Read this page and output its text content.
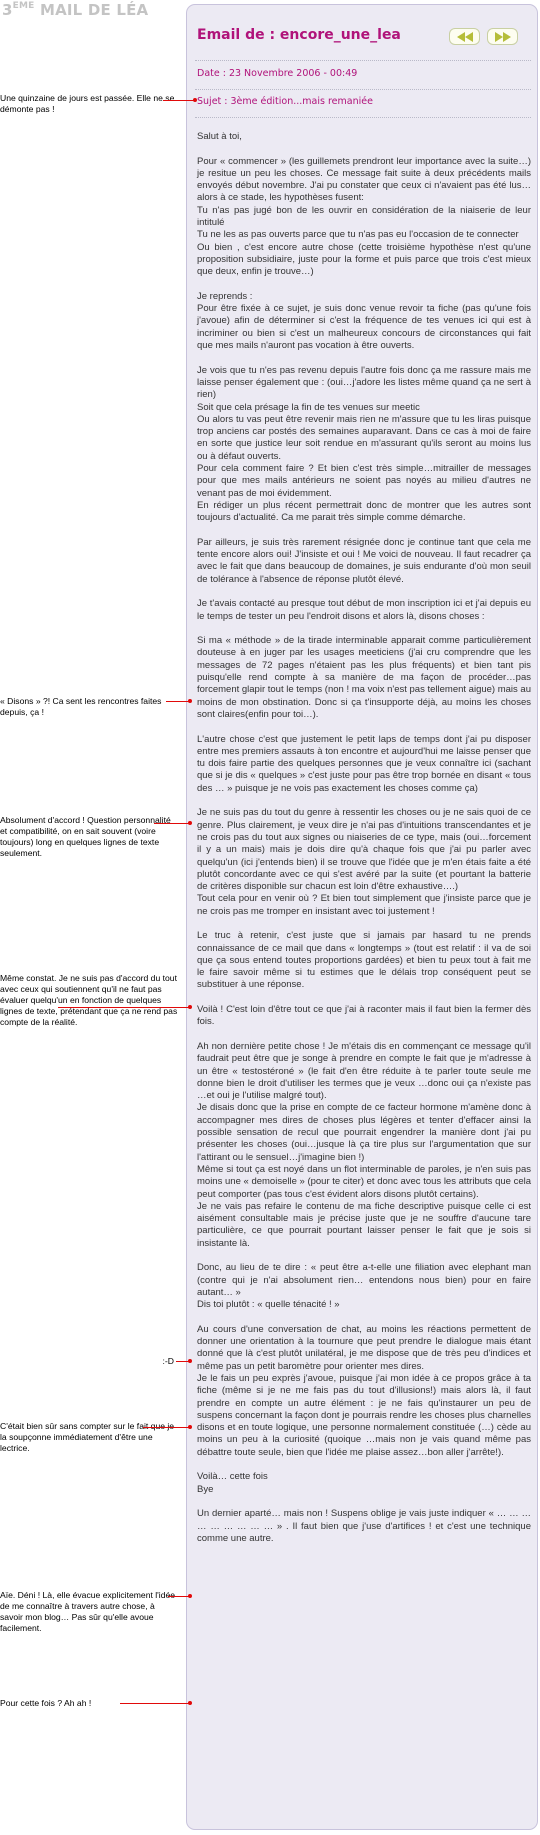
3EME MAIL DE LÉA
Email de : encore_une_lea
Date : 23 Novembre 2006 - 00:49
Sujet : 3ème édition...mais remaniée

Salut à toi,

Pour « commencer » (les guillemets prendront leur importance avec la suite…) je resitue un peu les choses. Ce message fait suite à deux précédents mails envoyés début novembre. J'ai pu constater que ceux ci n'avaient pas été lus… alors à ce stade, les hypothèses fusent:
Tu n'as pas jugé bon de les ouvrir en considération de la niaiserie de leur intitulé
Tu ne les as pas ouverts parce que tu n'as pas eu l'occasion de te connecter
Ou bien , c'est encore autre chose (cette troisième hypothèse n'est qu'une proposition subsidiaire, juste pour la forme et puis parce que trois c'est mieux que deux, enfin je trouve…)

Je reprends :
Pour être fixée à ce sujet, je suis donc venue revoir ta fiche (pas qu'une fois j'avoue) afin de déterminer si c'est la fréquence de tes venues ici qui est à incriminer ou bien si c'est un malheureux concours de circonstances qui fait que mes mails n'auront pas vocation à être ouverts.

Je vois que tu n'es pas revenu depuis l'autre fois donc ça me rassure mais me laisse penser également que : (oui…j'adore les listes même quand ça ne sert à rien)
Soit que cela présage la fin de tes venues sur meetic
Ou alors tu vas peut être revenir mais rien ne m'assure que tu les liras puisque trop anciens car postés des semaines auparavant. Dans ce cas à moi de faire en sorte que justice leur soit rendue en m'assurant qu'ils seront au moins lus ou à défaut ouverts.
Pour cela comment faire ? Et bien c'est très simple…mitrailler de messages pour que mes mails antérieurs ne soient pas noyés au milieu d'autres ne venant pas de moi évidemment.
En rédiger un plus récent permettrait donc de montrer que les autres sont toujours d'actualité. Ca me parait très simple comme démarche.

Par ailleurs, je suis très rarement résignée donc je continue tant que cela me tente encore alors oui! J'insiste et oui ! Me voici de nouveau. Il faut recadrer ça avec le fait que dans beaucoup de domaines, je suis endurante d'où mon seuil de tolérance à l'absence de réponse plutôt élevé.

Je t'avais contacté au presque tout début de mon inscription ici et j'ai depuis eu le temps de tester un peu l'endroit disons et alors là, disons choses :

Si ma « méthode » de la tirade interminable apparait comme particulièrement douteuse à en juger par les usages meeticiens (j'ai cru comprendre que les messages de 72 pages n'étaient pas les plus fréquents) et bien tant pis puisqu'elle rend compte à sa manière de ma façon de procéder…pas forcement glapir tout le temps (non ! ma voix n'est pas tellement aigue) mais au moins de mon obstination. Donc si ça t'insupporte déjà, au moins les choses sont claires(enfin pour toi…).

L'autre chose c'est que justement le petit laps de temps dont j'ai pu disposer entre mes premiers assauts à ton encontre et aujourd'hui me laisse penser que tu dois faire partie des quelques personnes que je veux connaître ici (sachant que si je dis « quelques » c'est juste pour pas être trop bornée en disant « tous des … » puisque je ne vois pas exactement les choses comme ça)

Je ne suis pas du tout du genre à ressentir les choses ou je ne sais quoi de ce genre. Plus clairement, je veux dire je n'ai pas d'intuitions transcendantes et je ne crois pas du tout aux signes ou niaiseries de ce type, mais (oui…forcement il y a un mais) mais je dois dire qu'à chaque fois que j'ai pu parler avec quelqu'un (ici j'entends bien) il se trouve que l'idée que je m'en étais faite a été plutôt concordante avec ce qui s'est avéré par la suite (et pourtant la batterie de critères disponible sur chacun est loin d'être exhaustive….)
Tout cela pour en venir où ? Et bien tout simplement que j'insiste parce que je ne crois pas me tromper en insistant avec toi justement !

Le truc à retenir, c'est juste que si jamais par hasard tu ne prends connaissance de ce mail que dans « longtemps » (tout est relatif : il va de soi que ça sous entend toutes proportions gardées) et bien tu peux tout à fait me le faire savoir même si tu estimes que le délais trop conséquent peut se substituer à une réponse.

Voilà ! C'est loin d'être tout ce que j'ai à raconter mais il faut bien la fermer dès fois.

Ah non dernière petite chose ! Je m'étais dis en commençant ce message qu'il faudrait peut être que je songe à prendre en compte le fait que je m'adresse à un être « testostéroné » (le fait d'en être réduite à te parler toute seule me donne bien le droit d'utiliser les termes que je veux …donc oui ça n'existe pas …et oui je l'utilise malgré tout).
Je disais donc que la prise en compte de ce facteur hormone m'amène donc à accompagner mes dires de choses plus légères et tenter d'effacer ainsi la possible sensation de recul que pourrait engendrer la manière dont j'ai pu présenter les choses (oui…jusque là ça tire plus sur l'argumentation que sur l'attirant ou le sensuel…j'imagine bien !)
Même si tout ça est noyé dans un flot interminable de paroles, je n'en suis pas moins une « demoiselle » (pour te citer) et donc avec tous les attributs que cela peut comporter (pas tous c'est évident alors disons plutôt certains).
Je ne vais pas refaire le contenu de ma fiche descriptive puisque celle ci est aisément consultable mais je précise juste que je ne souffre d'aucune tare particulière, ce que pourrait pourtant laisser penser le fait que je sois si insistante là.

Donc, au lieu de te dire : « peut être a-t-elle une filiation avec elephant man (contre qui je n'ai absolument rien… entendons nous bien) pour en faire autant… »
Dis toi plutôt : « quelle ténacité ! »

Au cours d'une conversation de chat, au moins les réactions permettent de donner une orientation à la tournure que peut prendre le dialogue mais étant donné que là c'est plutôt unilatéral, je me dispose que de très peu d'indices et même pas un petit baromètre pour orienter mes dires.
Je le fais un peu exprès j'avoue, puisque j'ai mon idée à ce propos grâce à ta fiche (même si je ne me fais pas du tout d'illusions!) mais alors là, il faut prendre en compte un autre élément : je ne fais qu'instaurer un peu de suspens concernant la façon dont je pourrais rendre les choses plus charnelles disons et en toute logique, une personne normalement constituée (…) cède au moins un peu à la curiosité (quoique …mais non je vais quand même pas débattre toute seule, bien que l'idée me plaise assez…bon aller j'arrête!).

Voilà… cette fois
Bye

Un dernier aparté… mais non ! Suspens oblige je vais juste indiquer « … … … … … … … … … » . Il faut bien que j'use d'artifices ! et c'est une technique comme une autre.

Une quinzaine de jours est passée. Elle ne se démonte pas !
« Disons » ?! Ca sent les rencontres faites depuis, ça !
Absolument d'accord ! Question personnalité et compatibilité, on en sait souvent (voire toujours) long en quelques lignes de texte seulement.
Même constat. Je ne suis pas d'accord du tout avec ceux qui soutiennent qu'il ne faut pas évaluer quelqu'un en fonction de quelques lignes de texte, prétendant que ça ne rend pas compte de la réalité.
:-D
C'était bien sûr sans compter sur le fait que je la soupçonne immédiatement d'être une lectrice.
Aïe. Déni ! Là, elle évacue explicitement l'idée de me connaître à travers autre chose, à savoir mon blog… Pas sûr qu'elle avoue facilement.
Pour cette fois ? Ah ah !
